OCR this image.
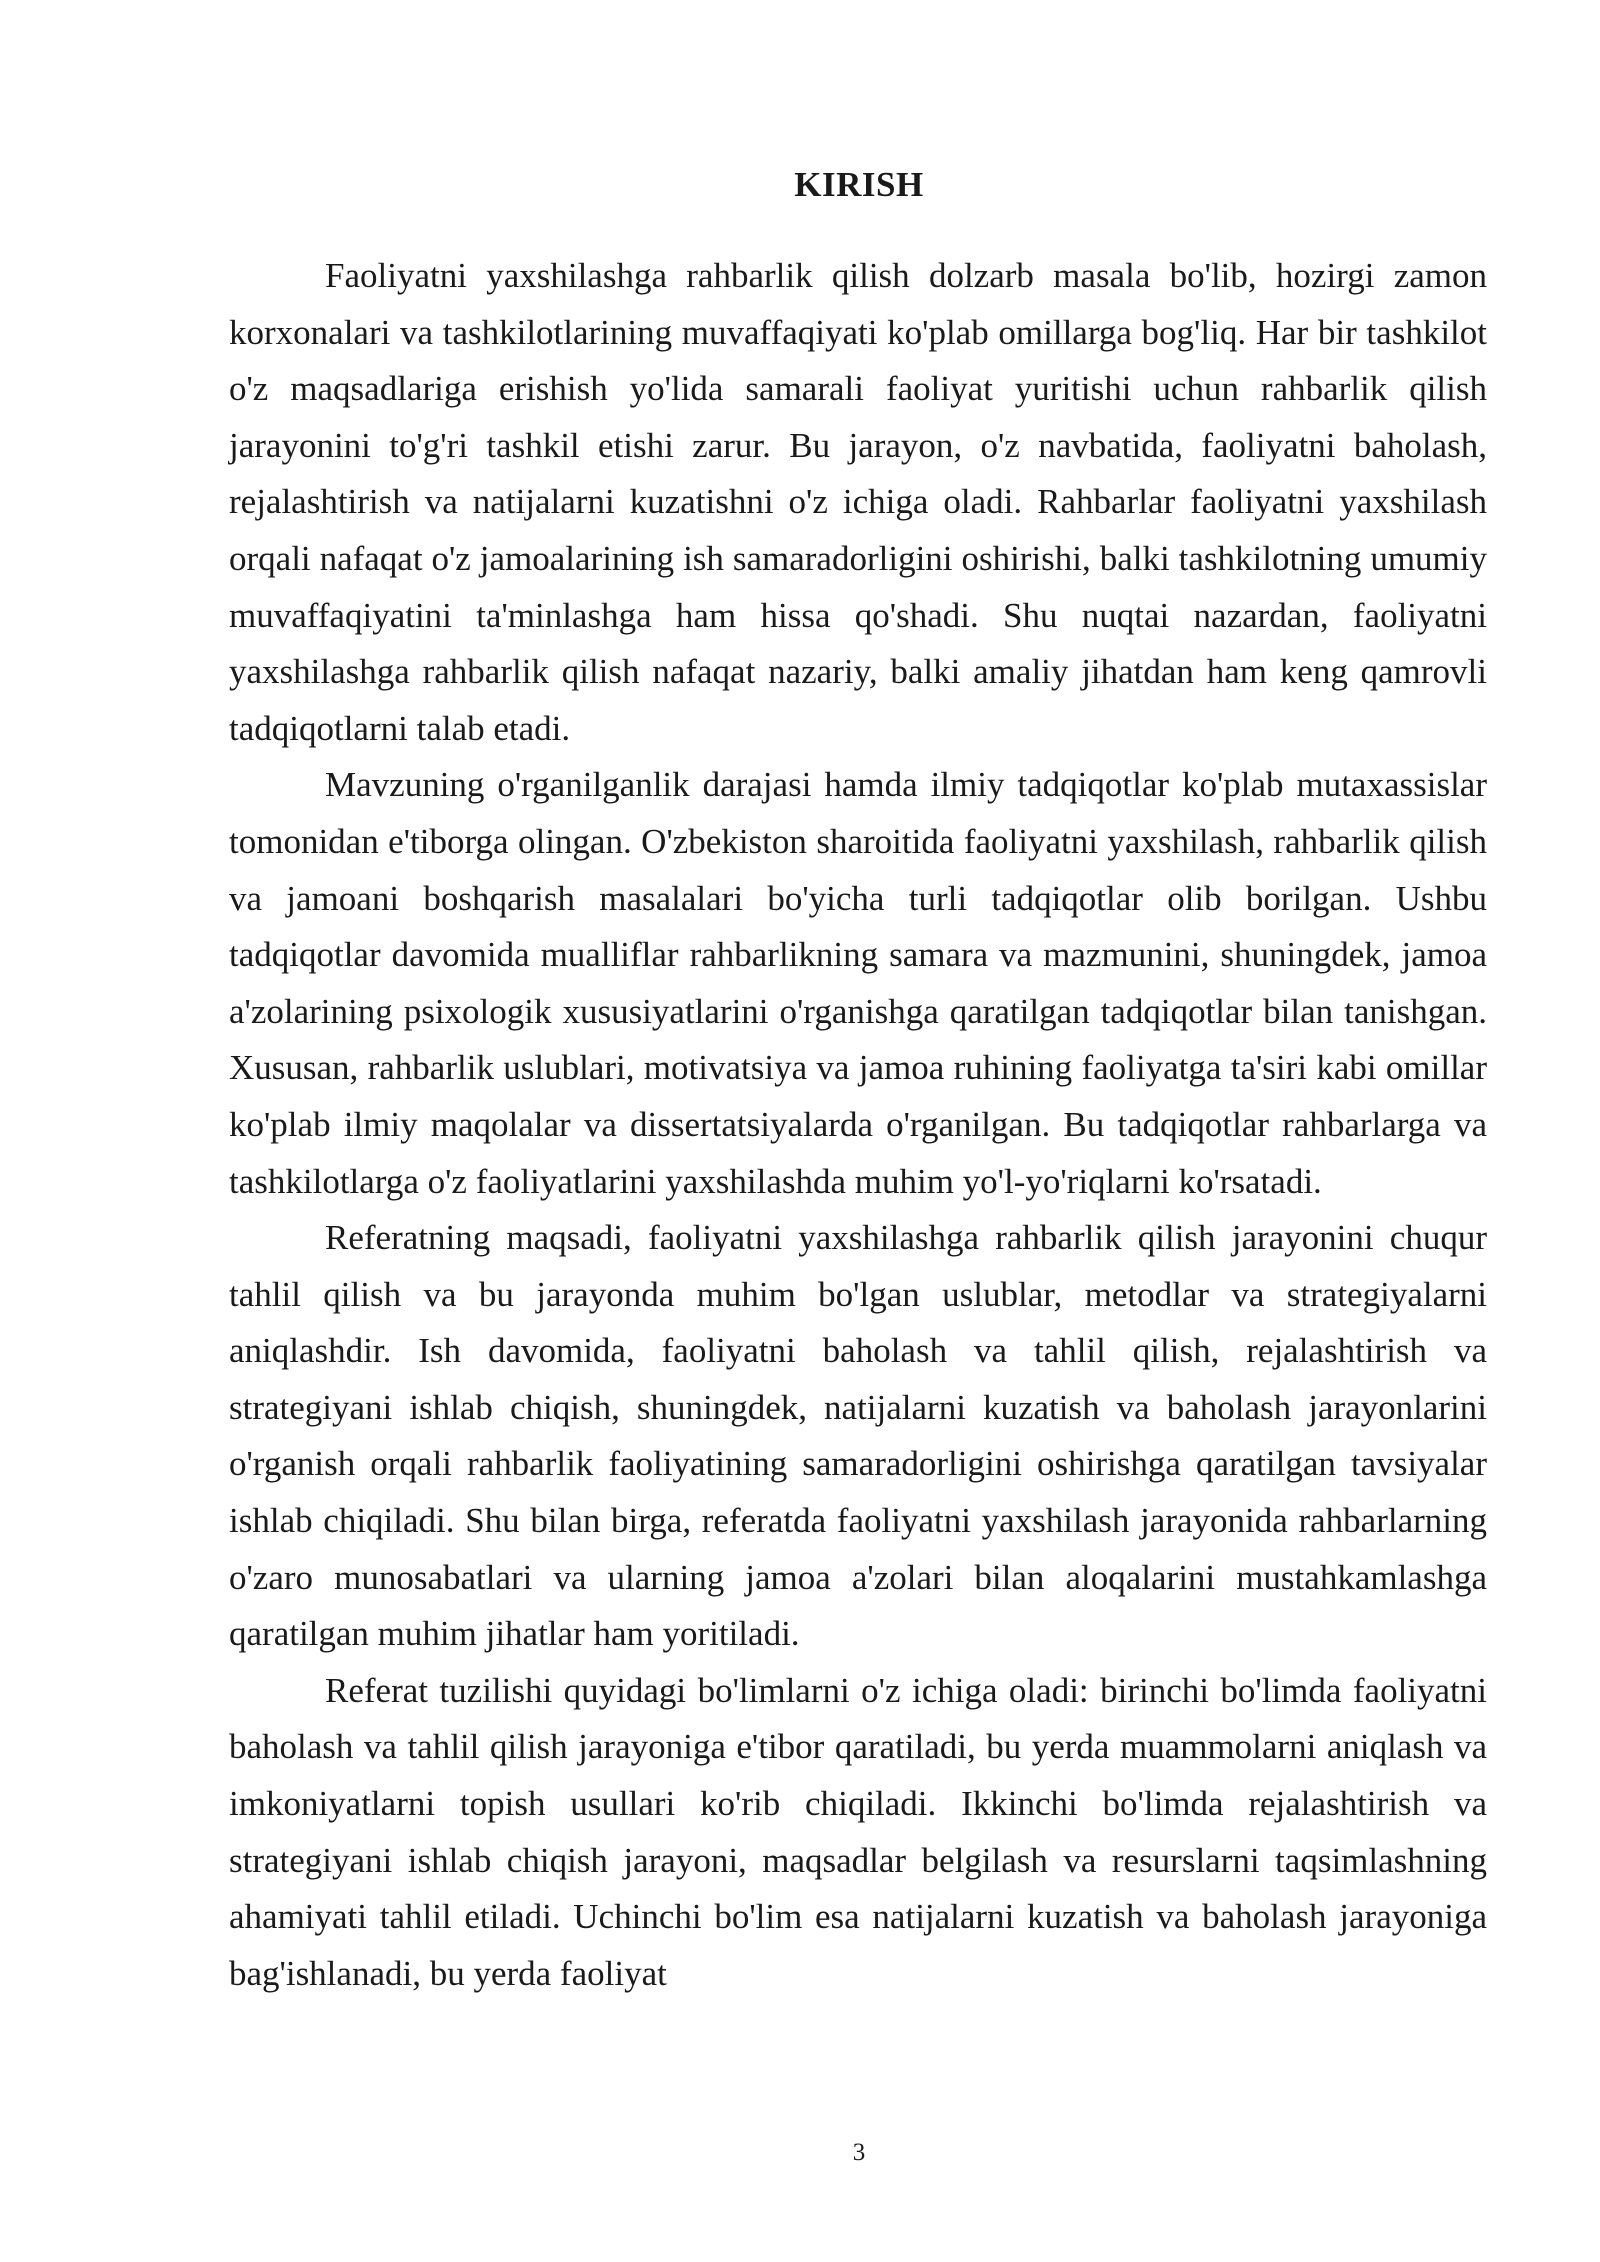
KIRISH

Faoliyatni yaxshilashga rahbarlik qilish dolzarb masala bo'lib, hozirgi zamon korxonalari va tashkilotlarining muvaffaqiyati ko'plab omillarga bog'liq. Har bir tashkilot o'z maqsadlariga erishish yo'lida samarali faoliyat yuritishi uchun rahbarlik qilish jarayonini to'g'ri tashkil etishi zarur. Bu jarayon, o'z navbatida, faoliyatni baholash, rejalashtirish va natijalarni kuzatishni o'z ichiga oladi. Rahbarlar faoliyatni yaxshilash orqali nafaqat o'z jamoalarining ish samaradorligini oshirishi, balki tashkilotning umumiy muvaffaqiyatini ta'minlashga ham hissa qo'shadi. Shu nuqtai nazardan, faoliyatni yaxshilashga rahbarlik qilish nafaqat nazariy, balki amaliy jihatdan ham keng qamrovli tadqiqotlarni talab etadi.

Mavzuning o'rganilganlik darajasi hamda ilmiy tadqiqotlar ko'plab mutaxassislar tomonidan e'tiborga olingan. O'zbekiston sharoitida faoliyatni yaxshilash, rahbarlik qilish va jamoani boshqarish masalalari bo'yicha turli tadqiqotlar olib borilgan. Ushbu tadqiqotlar davomida mualliflar rahbarlikning samara va mazmunini, shuningdek, jamoa a'zolarining psixologik xususiyatlarini o'rganishga qaratilgan tadqiqotlar bilan tanishgan. Xususan, rahbarlik uslublari, motivatsiya va jamoa ruhining faoliyatga ta'siri kabi omillar ko'plab ilmiy maqolalar va dissertatsiyalarda o'rganilgan. Bu tadqiqotlar rahbarlarga va tashkilotlarga o'z faoliyatlarini yaxshilashda muhim yo'l-yo'riqlarni ko'rsatadi.

Referatning maqsadi, faoliyatni yaxshilashga rahbarlik qilish jarayonini chuqur tahlil qilish va bu jarayonda muhim bo'lgan uslublar, metodlar va strategiyalarni aniqlashdir. Ish davomida, faoliyatni baholash va tahlil qilish, rejalashtirish va strategiyani ishlab chiqish, shuningdek, natijalarni kuzatish va baholash jarayonlarini o'rganish orqali rahbarlik faoliyatining samaradorligini oshirishga qaratilgan tavsiyalar ishlab chiqiladi. Shu bilan birga, referatda faoliyatni yaxshilash jarayonida rahbarlarning o'zaro munosabatlari va ularning jamoa a'zolari bilan aloqalarini mustahkamlashga qaratilgan muhim jihatlar ham yoritiladi.

Referat tuzilishi quyidagi bo'limlarni o'z ichiga oladi: birinchi bo'limda faoliyatni baholash va tahlil qilish jarayoniga e'tibor qaratiladi, bu yerda muammolarni aniqlash va imkoniyatlarni topish usullari ko'rib chiqiladi. Ikkinchi bo'limda rejalashtirish va strategiyani ishlab chiqish jarayoni, maqsadlar belgilash va resurslarni taqsimlashning ahamiyati tahlil etiladi. Uchinchi bo'lim esa natijalarni kuzatish va baholash jarayoniga bag'ishlanadi, bu yerda faoliyat

3
